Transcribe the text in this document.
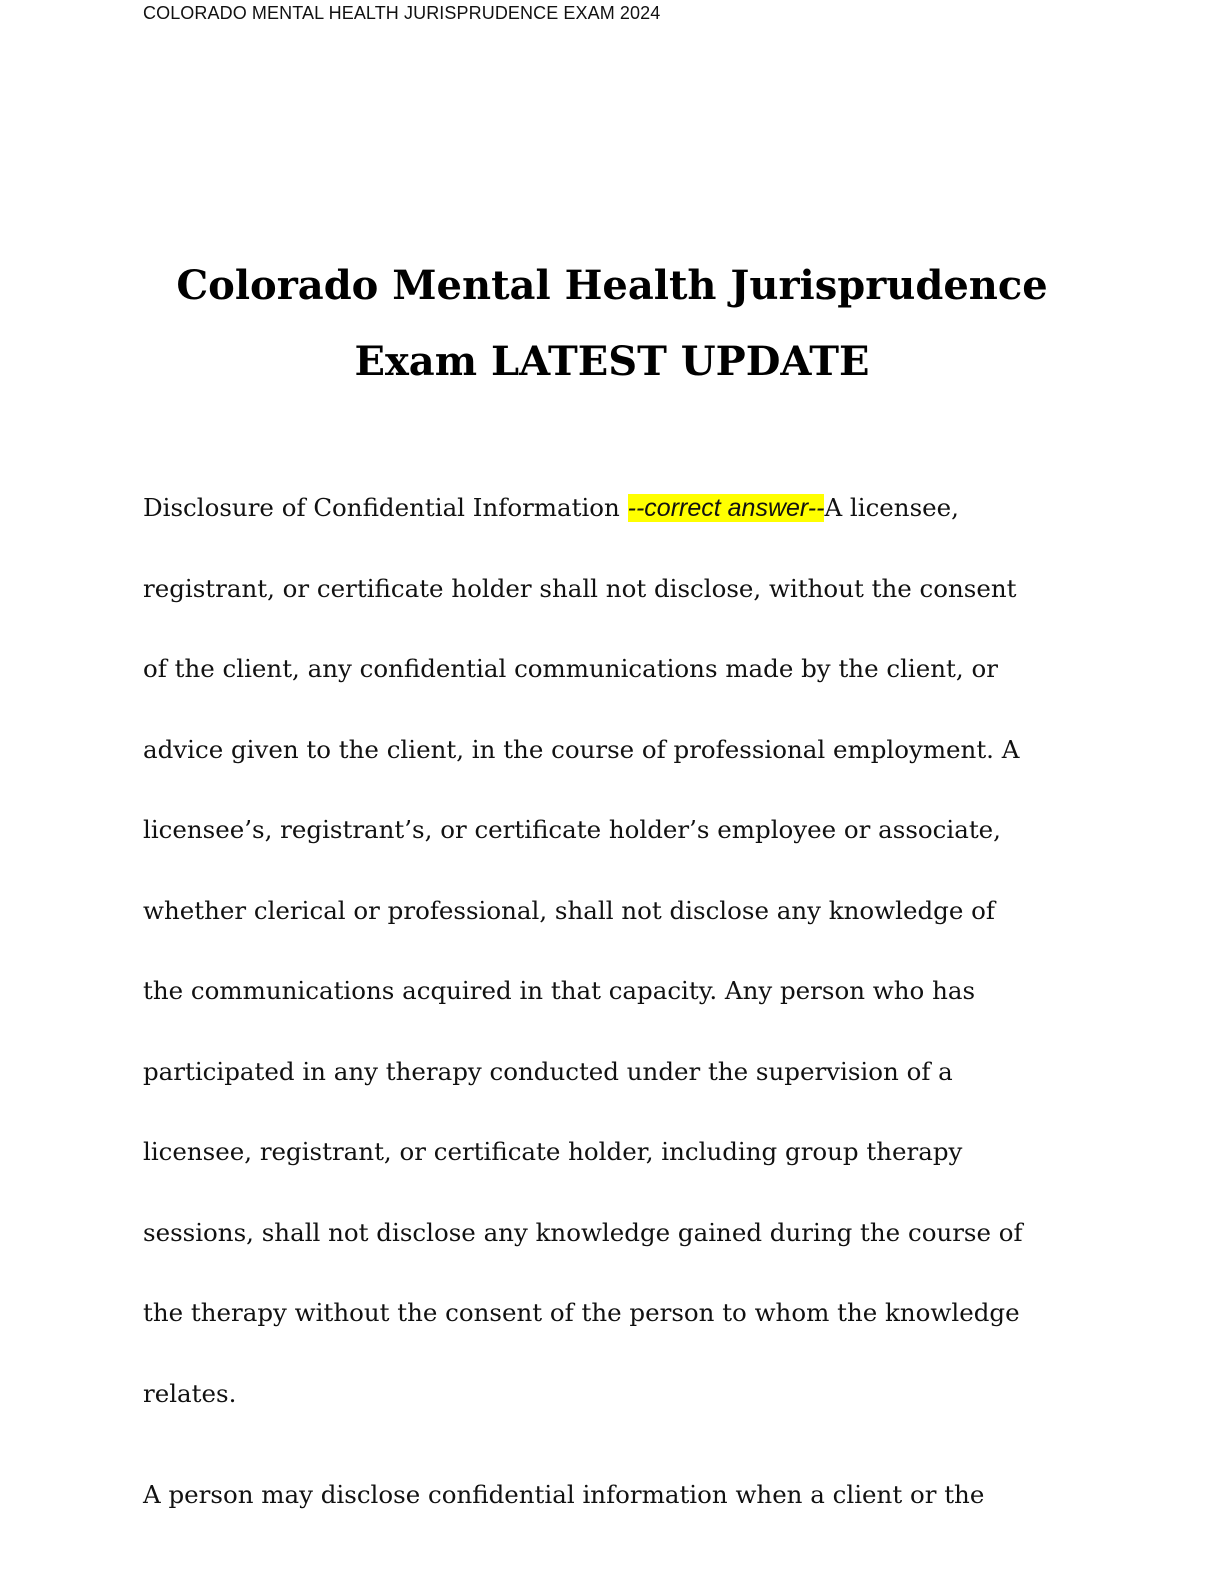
COLORADO MENTAL HEALTH JURISPRUDENCE EXAM 2024
Colorado Mental Health Jurisprudence
Exam LATEST UPDATE
Disclosure of Confidential Information --correct answer--A licensee,
registrant, or certificate holder shall not disclose, without the consent
of the client, any confidential communications made by the client, or
advice given to the client, in the course of professional employment. A
licensee’s, registrant’s, or certificate holder’s employee or associate,
whether clerical or professional, shall not disclose any knowledge of
the communications acquired in that capacity. Any person who has
participated in any therapy conducted under the supervision of a
licensee, registrant, or certificate holder, including group therapy
sessions, shall not disclose any knowledge gained during the course of
the therapy without the consent of the person to whom the knowledge
relates.
A person may disclose confidential information when a client or the
